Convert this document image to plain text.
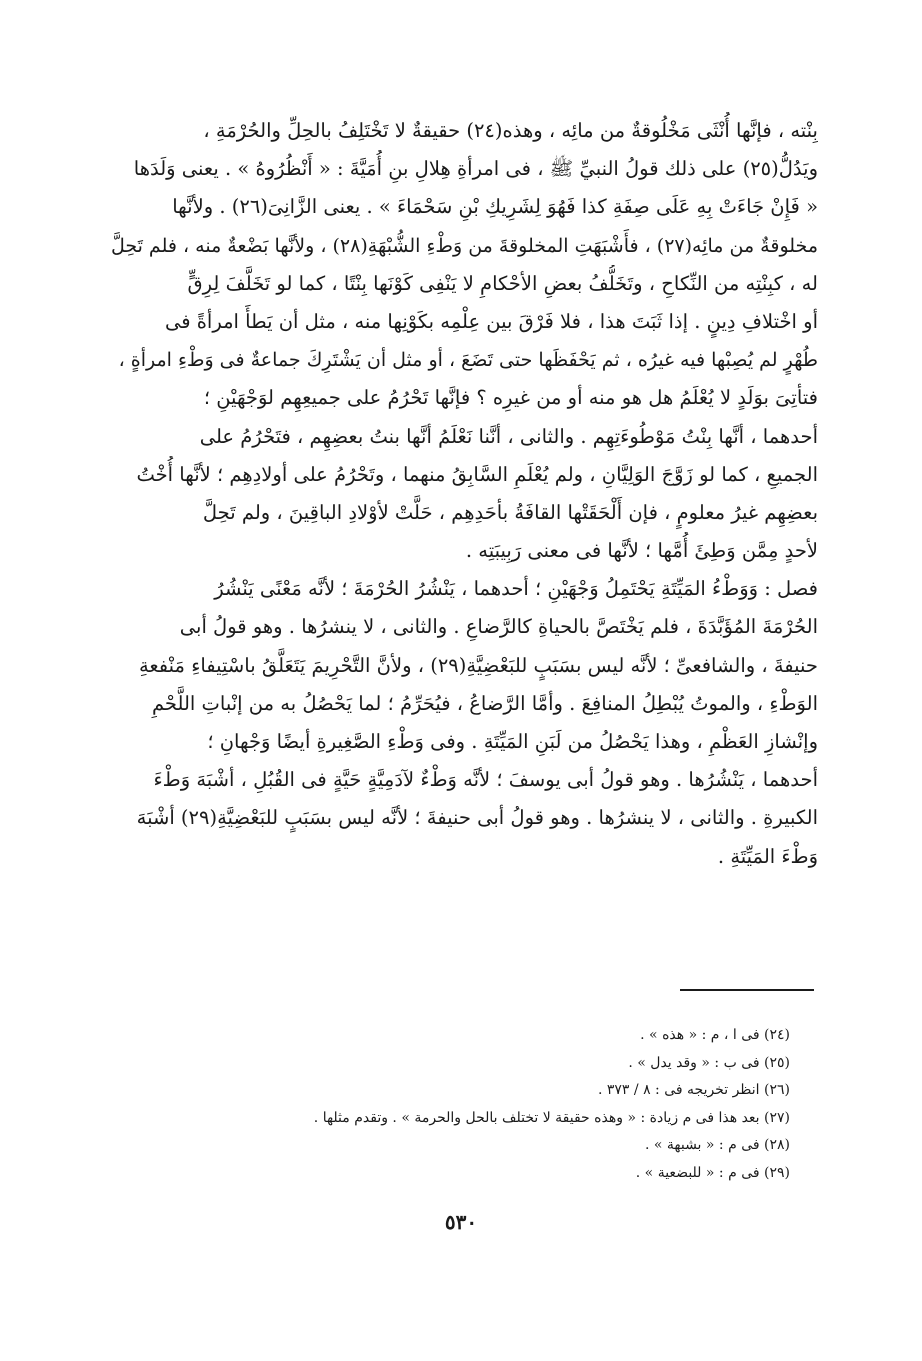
بِنْته ، فإنَّها أُنْثَى مَخْلُوقةٌ من مائِه ، وهذه(٢٤) حقيقةٌ لا تَخْتَلِفُ بالحِلِّ والحُرْمَةِ ،
ويَدُلُّ(٢٥) على ذلك قولُ النبيِّ ﷺ ، فى امرأةِ هِلالِ بنِ أُمَيَّةَ : « أَنْظُرُوهُ » . يعنى وَلَدَها
« فَإِنْ جَاءَتْ بِهِ عَلَى صِفَةِ كذا فَهُوَ لِشَرِيكِ بْنِ سَحْمَاءَ » . يعنى الزَّانِىَ(٢٦) . ولأنَّها
مخلوقةٌ من مائِه(٢٧) ، فأَشْبَهَتِ المخلوقةَ من وَطْءِ الشُّبْهَةِ(٢٨) ، ولأنَّها بَضْعةٌ منه ، فلم تَحِلَّ
له ، كبِنْتِه من النِّكاحِ ، وتَخَلُّفُ بعضِ الأحْكامِ لا يَنْفِى كَوْنَها بِنْتًا ، كما لو تَخَلَّفَ لِرِقٍّ
أو اخْتلافِ دِينٍ . إذا ثَبَتَ هذا ، فلا فَرْقَ بين عِلْمِه بكَوْنِها منه ، مثل أن يَطأَ امرأةً فى
طُهْرٍ لم يُصِبْها فيه غيرُه ، ثم يَحْفَظَها حتى تَضَعَ ، أو مثل أن يَشْتَرِكَ جماعةٌ فى وَطْءِ امرأةٍ ،
فتأتِىَ بوَلَدٍ لا يُعْلَمُ هل هو منه أو من غيرِه ؟ فإنَّها تَحْرُمُ على جميعِهِم لوَجْهَيْنِ ؛
أحدهما ، أنَّها بِنْتُ مَوْطُوءَتِهِم . والثانى ، أنَّنا نَعْلَمُ أنَّها بنتُ بعضِهِم ، فتَحْرُمُ على
الجميعِ ، كما لو زَوَّجَ الوَلِيَّانِ ، ولم يُعْلَمِ السَّابِقُ منهما ، وتَحْرُمُ على أولادِهِم ؛ لأنَّها أُخْتُ
بعضِهِم غيرُ معلومٍ ، فإن أَلْحَقَتْها القافَةُ بأحَدِهِم ، حَلَّتْ لأوْلادِ الباقِينَ ، ولم تَحِلَّ
لأحدٍ مِمَّن وَطِئَ أُمَّها ؛ لأنَّها فى معنى رَبِيبَتِه .
فصل : وَوَطْءُ المَيِّتَةِ يَحْتَمِلُ وَجْهَيْنِ ؛ أحدهما ، يَنْشُرُ الحُرْمَةَ ؛ لأنَّه مَعْنًى يَنْشُرُ
الحُرْمَةَ المُؤَبَّدَةَ ، فلم يَخْتَصَّ بالحياةِ كالرَّضاعِ . والثانى ، لا ينشرُها . وهو قولُ أبى
حنيفةَ ، والشافعىِّ ؛ لأنَّه ليس بسَبَبٍ للبَعْضِيَّةِ(٢٩) ، ولأنَّ التَّحْرِيمَ يَتَعَلَّقُ باسْتِيفاءِ مَنْفعةِ
الوَطْءِ ، والموتُ يُبْطِلُ المنافِعَ . وأمَّا الرَّضاعُ ، فيُحَرِّمُ ؛ لما يَحْصُلُ به من إنْباتِ اللَّحْمِ
وإنْشازِ العَظْمِ ، وهذا يَحْصُلُ من لَبَنِ المَيِّتَةِ . وفى وَطْءِ الصَّغِيرةِ أيضًا وَجْهانِ ؛
أحدهما ، يَنْشُرُها . وهو قولُ أبى يوسفَ ؛ لأنَّه وَطْءٌ لآدَمِيَّةٍ حَيَّةٍ فى القُبُلِ ، أشْبَهَ وَطْءَ
الكبيرةِ . والثانى ، لا ينشرُها . وهو قولُ أبى حنيفةَ ؛ لأنَّه ليس بسَبَبٍ للبَعْضِيَّةِ(٢٩) أشْبَهَ
وَطْءَ المَيِّتَةِ .
(٢٤) فى ا ، م : « هذه » .
(٢٥) فى ب : « وقد يدل » .
(٢٦) انظر تخريجه فى : ٨ / ٣٧٣ .
(٢٧) بعد هذا فى م زيادة : « وهذه حقيقة لا تختلف بالحل والحرمة » . وتقدم مثلها .
(٢٨) فى م : « بشبهة » .
(٢٩) فى م : « للبضعية » .
٥٣٠
